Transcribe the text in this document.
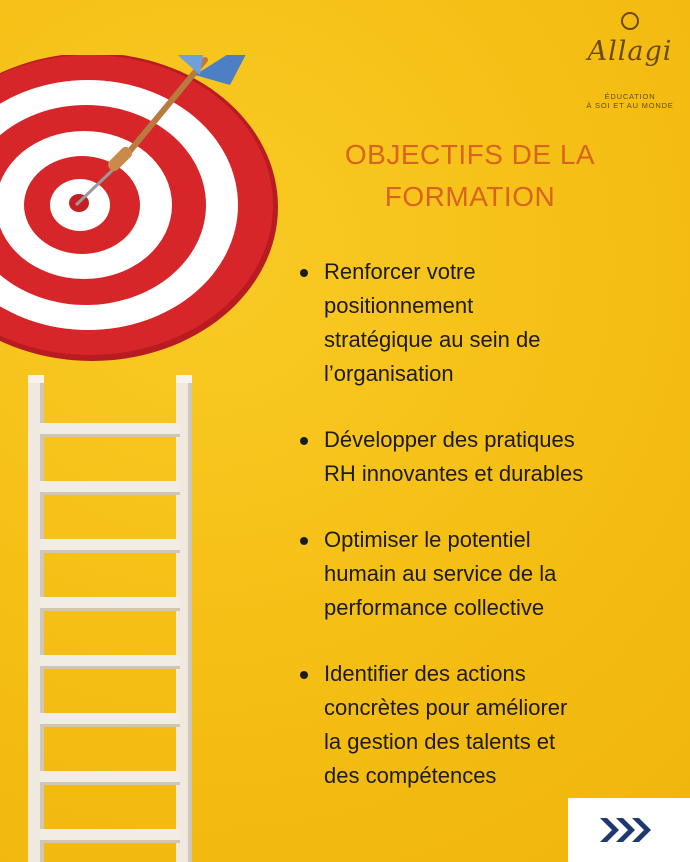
Allagi
ÉDUCATION
À SOI ET AU MONDE
OBJECTIFS DE LA
FORMATION
Renforcer votre
positionnement
stratégique au sein de
l’organisation
Développer des pratiques
RH innovantes et durables
Optimiser le potentiel
humain au service de la
performance collective
Identifier des actions
concrètes pour améliorer
la gestion des talents et
des compétences
